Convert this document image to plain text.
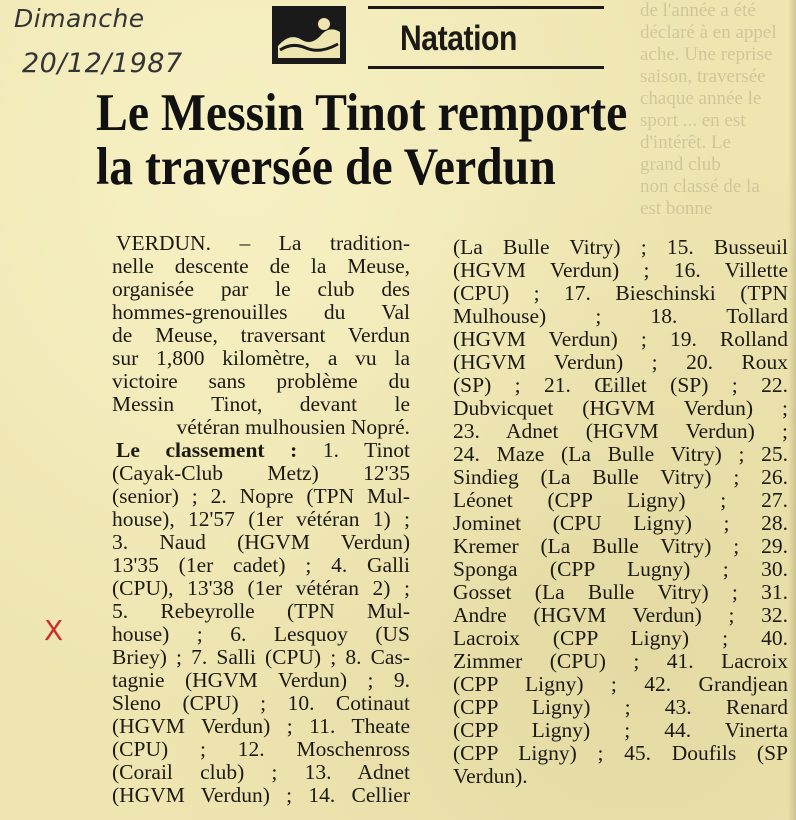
de l'année a été
déclaré à en appel
ache. Une reprise
saison, traversée
chaque année le
sport ... en est
d'intérêt. Le
grand club
non classé de la
est bonne
Dimanche
20/12/1987
X
Natation
Le Messin Tinot remporte
la traversée de Verdun
VERDUN. – La tradition-
nelle descente de la Meuse,
organisée par le club des
hommes-grenouilles du Val
de Meuse, traversant Verdun
sur 1,800 kilomètre, a vu la
victoire sans problème du
Messin Tinot, devant le
vétéran mulhousien Nopré.
Le classement : 1. Tinot
(Cayak-Club Metz) 12'35
(senior) ; 2. Nopre (TPN Mul-
house), 12'57 (1er vétéran 1) ;
3. Naud (HGVM Verdun)
13'35 (1er cadet) ; 4. Galli
(CPU), 13'38 (1er vétéran 2) ;
5. Rebeyrolle (TPN Mul-
house) ; 6. Lesquoy (US
Briey) ; 7. Salli (CPU) ; 8. Cas-
tagnie (HGVM Verdun) ; 9.
Sleno (CPU) ; 10. Cotinaut
(HGVM Verdun) ; 11. Theate
(CPU) ; 12. Moschenross
(Corail club) ; 13. Adnet
(HGVM Verdun) ; 14. Cellier
(La Bulle Vitry) ; 15. Busseuil
(HGVM Verdun) ; 16. Villette
(CPU) ; 17. Bieschinski (TPN
Mulhouse) ; 18. Tollard
(HGVM Verdun) ; 19. Rolland
(HGVM Verdun) ; 20. Roux
(SP) ; 21. Œillet (SP) ; 22.
Dubvicquet (HGVM Verdun) ;
23. Adnet (HGVM Verdun) ;
24. Maze (La Bulle Vitry) ; 25.
Sindieg (La Bulle Vitry) ; 26.
Léonet (CPP Ligny) ; 27.
Jominet (CPU Ligny) ; 28.
Kremer (La Bulle Vitry) ; 29.
Sponga (CPP Lugny) ; 30.
Gosset (La Bulle Vitry) ; 31.
Andre (HGVM Verdun) ; 32.
Lacroix (CPP Ligny) ; 40.
Zimmer (CPU) ; 41. Lacroix
(CPP Ligny) ; 42. Grandjean
(CPP Ligny) ; 43. Renard
(CPP Ligny) ; 44. Vinerta
(CPP Ligny) ; 45. Doufils (SP
Verdun).
